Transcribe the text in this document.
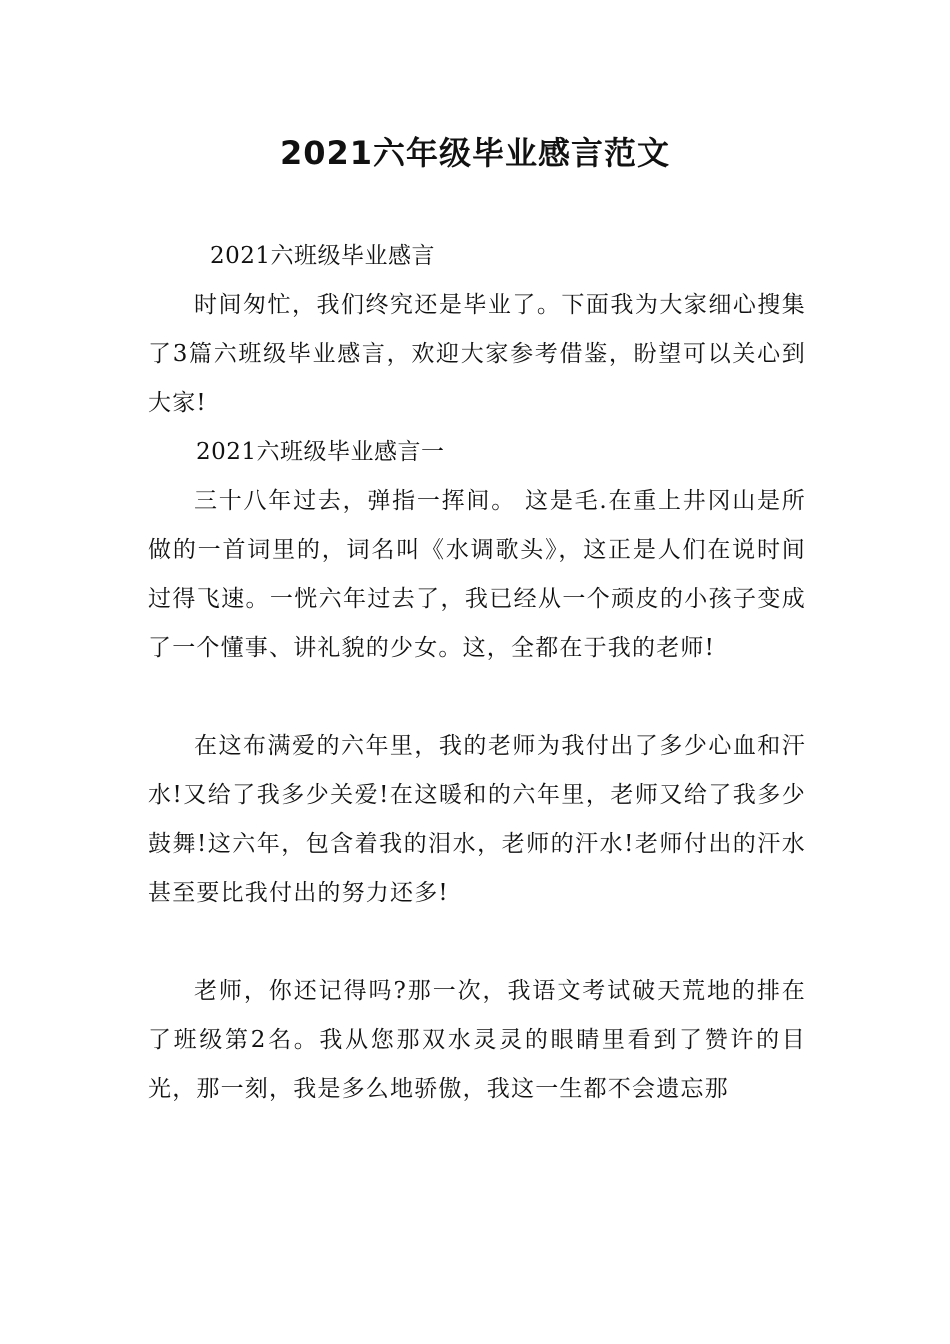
2021六年级毕业感言范文

2021六班级毕业感言

时间匆忙，我们终究还是毕业了。下面我为大家细心搜集了3篇六班级毕业感言，欢迎大家参考借鉴，盼望可以关心到大家!

2021六班级毕业感言一

三十八年过去，弹指一挥间。 这是毛.在重上井冈山是所做的一首词里的，词名叫《水调歌头》，这正是人们在说时间过得飞速。一恍六年过去了，我已经从一个顽皮的小孩子变成了一个懂事、讲礼貌的少女。这，全都在于我的老师!

在这布满爱的六年里，我的老师为我付出了多少心血和汗水!又给了我多少关爱!在这暖和的六年里，老师又给了我多少鼓舞!这六年，包含着我的泪水，老师的汗水!老师付出的汗水甚至要比我付出的努力还多!

老师，你还记得吗?那一次，我语文考试破天荒地的排在了班级第2名。我从您那双水灵灵的眼睛里看到了赞许的目光，那一刻，我是多么地骄傲，我这一生都不会遗忘那
